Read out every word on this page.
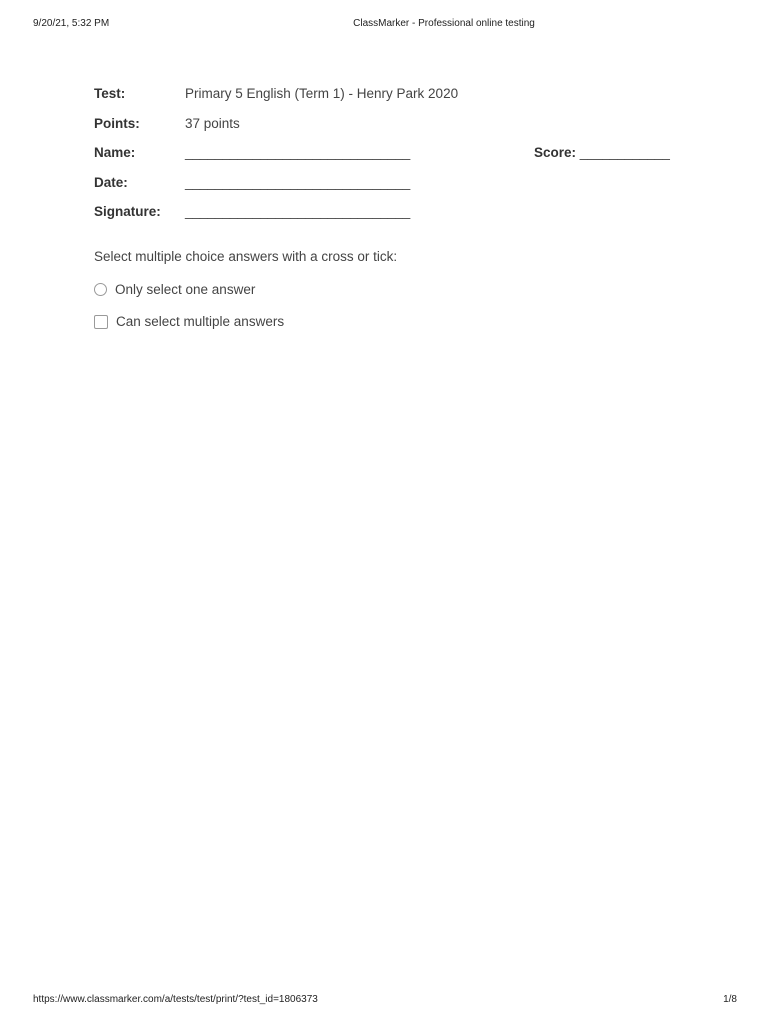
9/20/21, 5:32 PM	ClassMarker - Professional online testing
Test:	Primary 5 English (Term 1) - Henry Park 2020
Points:	37 points
Name:	______________________________	Score: ____________
Date:	______________________________
Signature: ______________________________
Select multiple choice answers with a cross or tick:
Only select one answer
Can select multiple answers
https://www.classmarker.com/a/tests/test/print/?test_id=1806373	1/8
